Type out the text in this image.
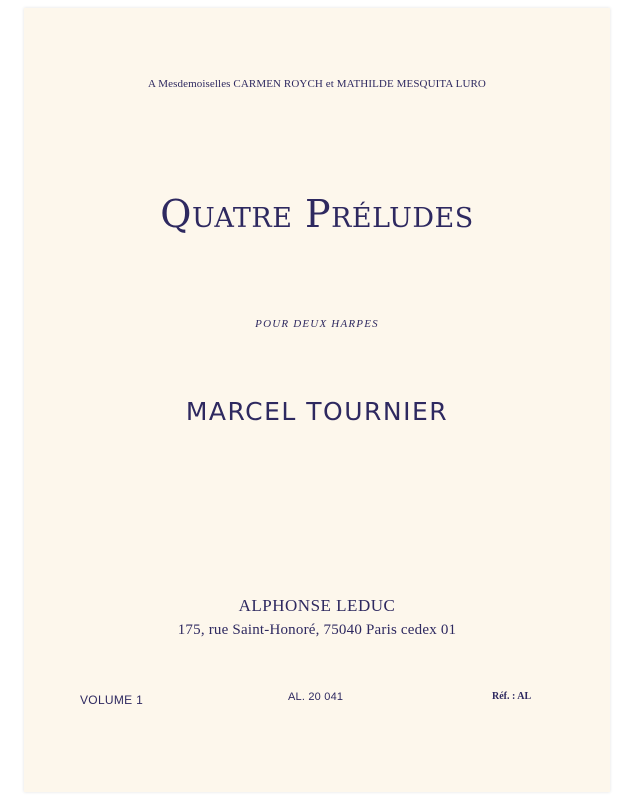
A Mesdemoiselles CARMEN ROYCH et MATHILDE MESQUITA LURO
Quatre Préludes
POUR DEUX HARPES
MARCEL TOURNIER
ALPHONSE LEDUC
175, rue Saint-Honoré, 75040 Paris cedex 01
VOLUME 1	AL. 20 041	Réf. : AL
